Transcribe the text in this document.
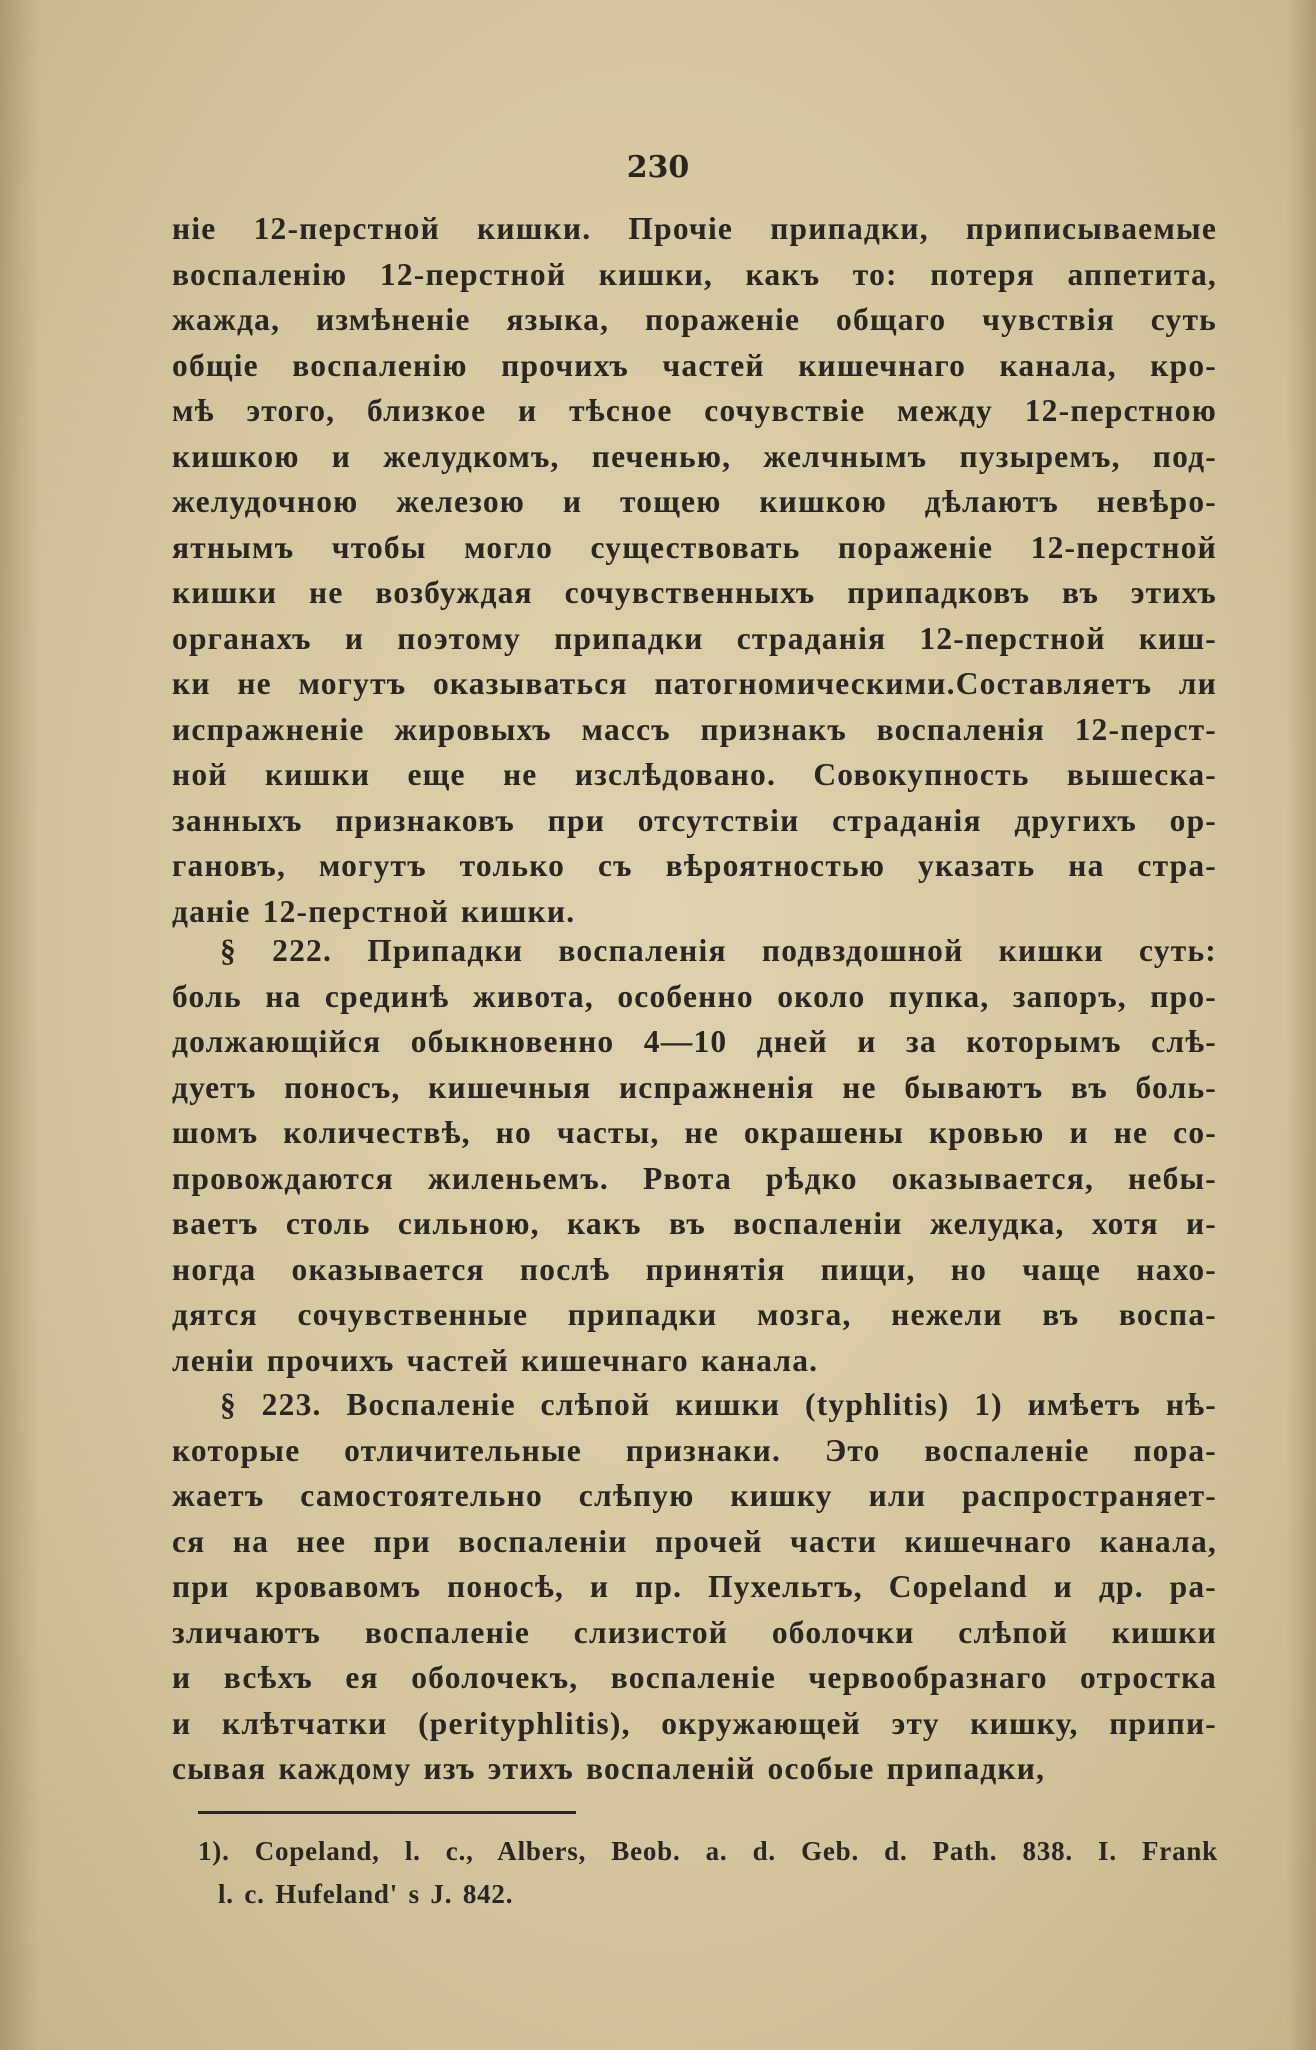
230
ніе 12-перстной кишки. Прочіе припадки, приписываемые
воспаленію 12-перстной кишки, какъ то: потеря аппетита,
жажда, измѣненіе языка, пораженіе общаго чувствія суть
общіе воспаленію прочихъ частей кишечнаго канала, кро-
мѣ этого, близкое и тѣсное сочувствіе между 12-перстною
кишкою и желудкомъ, печенью, желчнымъ пузыремъ, под-
желудочною железою и тощею кишкою дѣлаютъ невѣро-
ятнымъ чтобы могло существовать пораженіе 12-перстной
кишки не возбуждая сочувственныхъ припадковъ въ этихъ
органахъ и поэтому припадки страданія 12-перстной киш-
ки не могутъ оказываться патогномическими.Составляетъ ли
испражненіе жировыхъ массъ признакъ воспаленія 12-перст-
ной кишки еще не изслѣдовано. Совокупность вышеска-
занныхъ признаковъ при отсутствіи страданія другихъ ор-
гановъ, могутъ только съ вѣроятностью указать на стра-
даніе 12-перстной кишки.
§ 222. Припадки воспаленія подвздошной кишки суть:
боль на срединѣ живота, особенно около пупка, запоръ, про-
должающійся обыкновенно 4—10 дней и за которымъ слѣ-
дуетъ поносъ, кишечныя испражненія не бываютъ въ боль-
шомъ количествѣ, но часты, не окрашены кровью и не со-
провождаются жиленьемъ. Рвота рѣдко оказывается, небы-
ваетъ столь сильною, какъ въ воспаленіи желудка, хотя и-
ногда оказывается послѣ принятія пищи, но чаще нахо-
дятся сочувственные припадки мозга, нежели въ воспа-
леніи прочихъ частей кишечнаго канала.
§ 223. Воспаленіе слѣпой кишки (typhlitis) 1) имѣетъ нѣ-
которые отличительные признаки. Это воспаленіе пора-
жаетъ самостоятельно слѣпую кишку или распространяет-
ся на нее при воспаленіи прочей части кишечнаго канала,
при кровавомъ поносѣ, и пр. Пухельтъ, Copeland и др. ра-
зличаютъ воспаленіе слизистой оболочки слѣпой кишки
и всѣхъ ея оболочекъ, воспаленіе червообразнаго отростка
и клѣтчатки (perityphlitis), окружающей эту кишку, припи-
сывая каждому изъ этихъ воспаленій особые припадки,
1). Copeland, l. c., Albers, Beob. a. d. Geb. d. Path. 838. I. Frank
l. c. Hufeland' s J. 842.
